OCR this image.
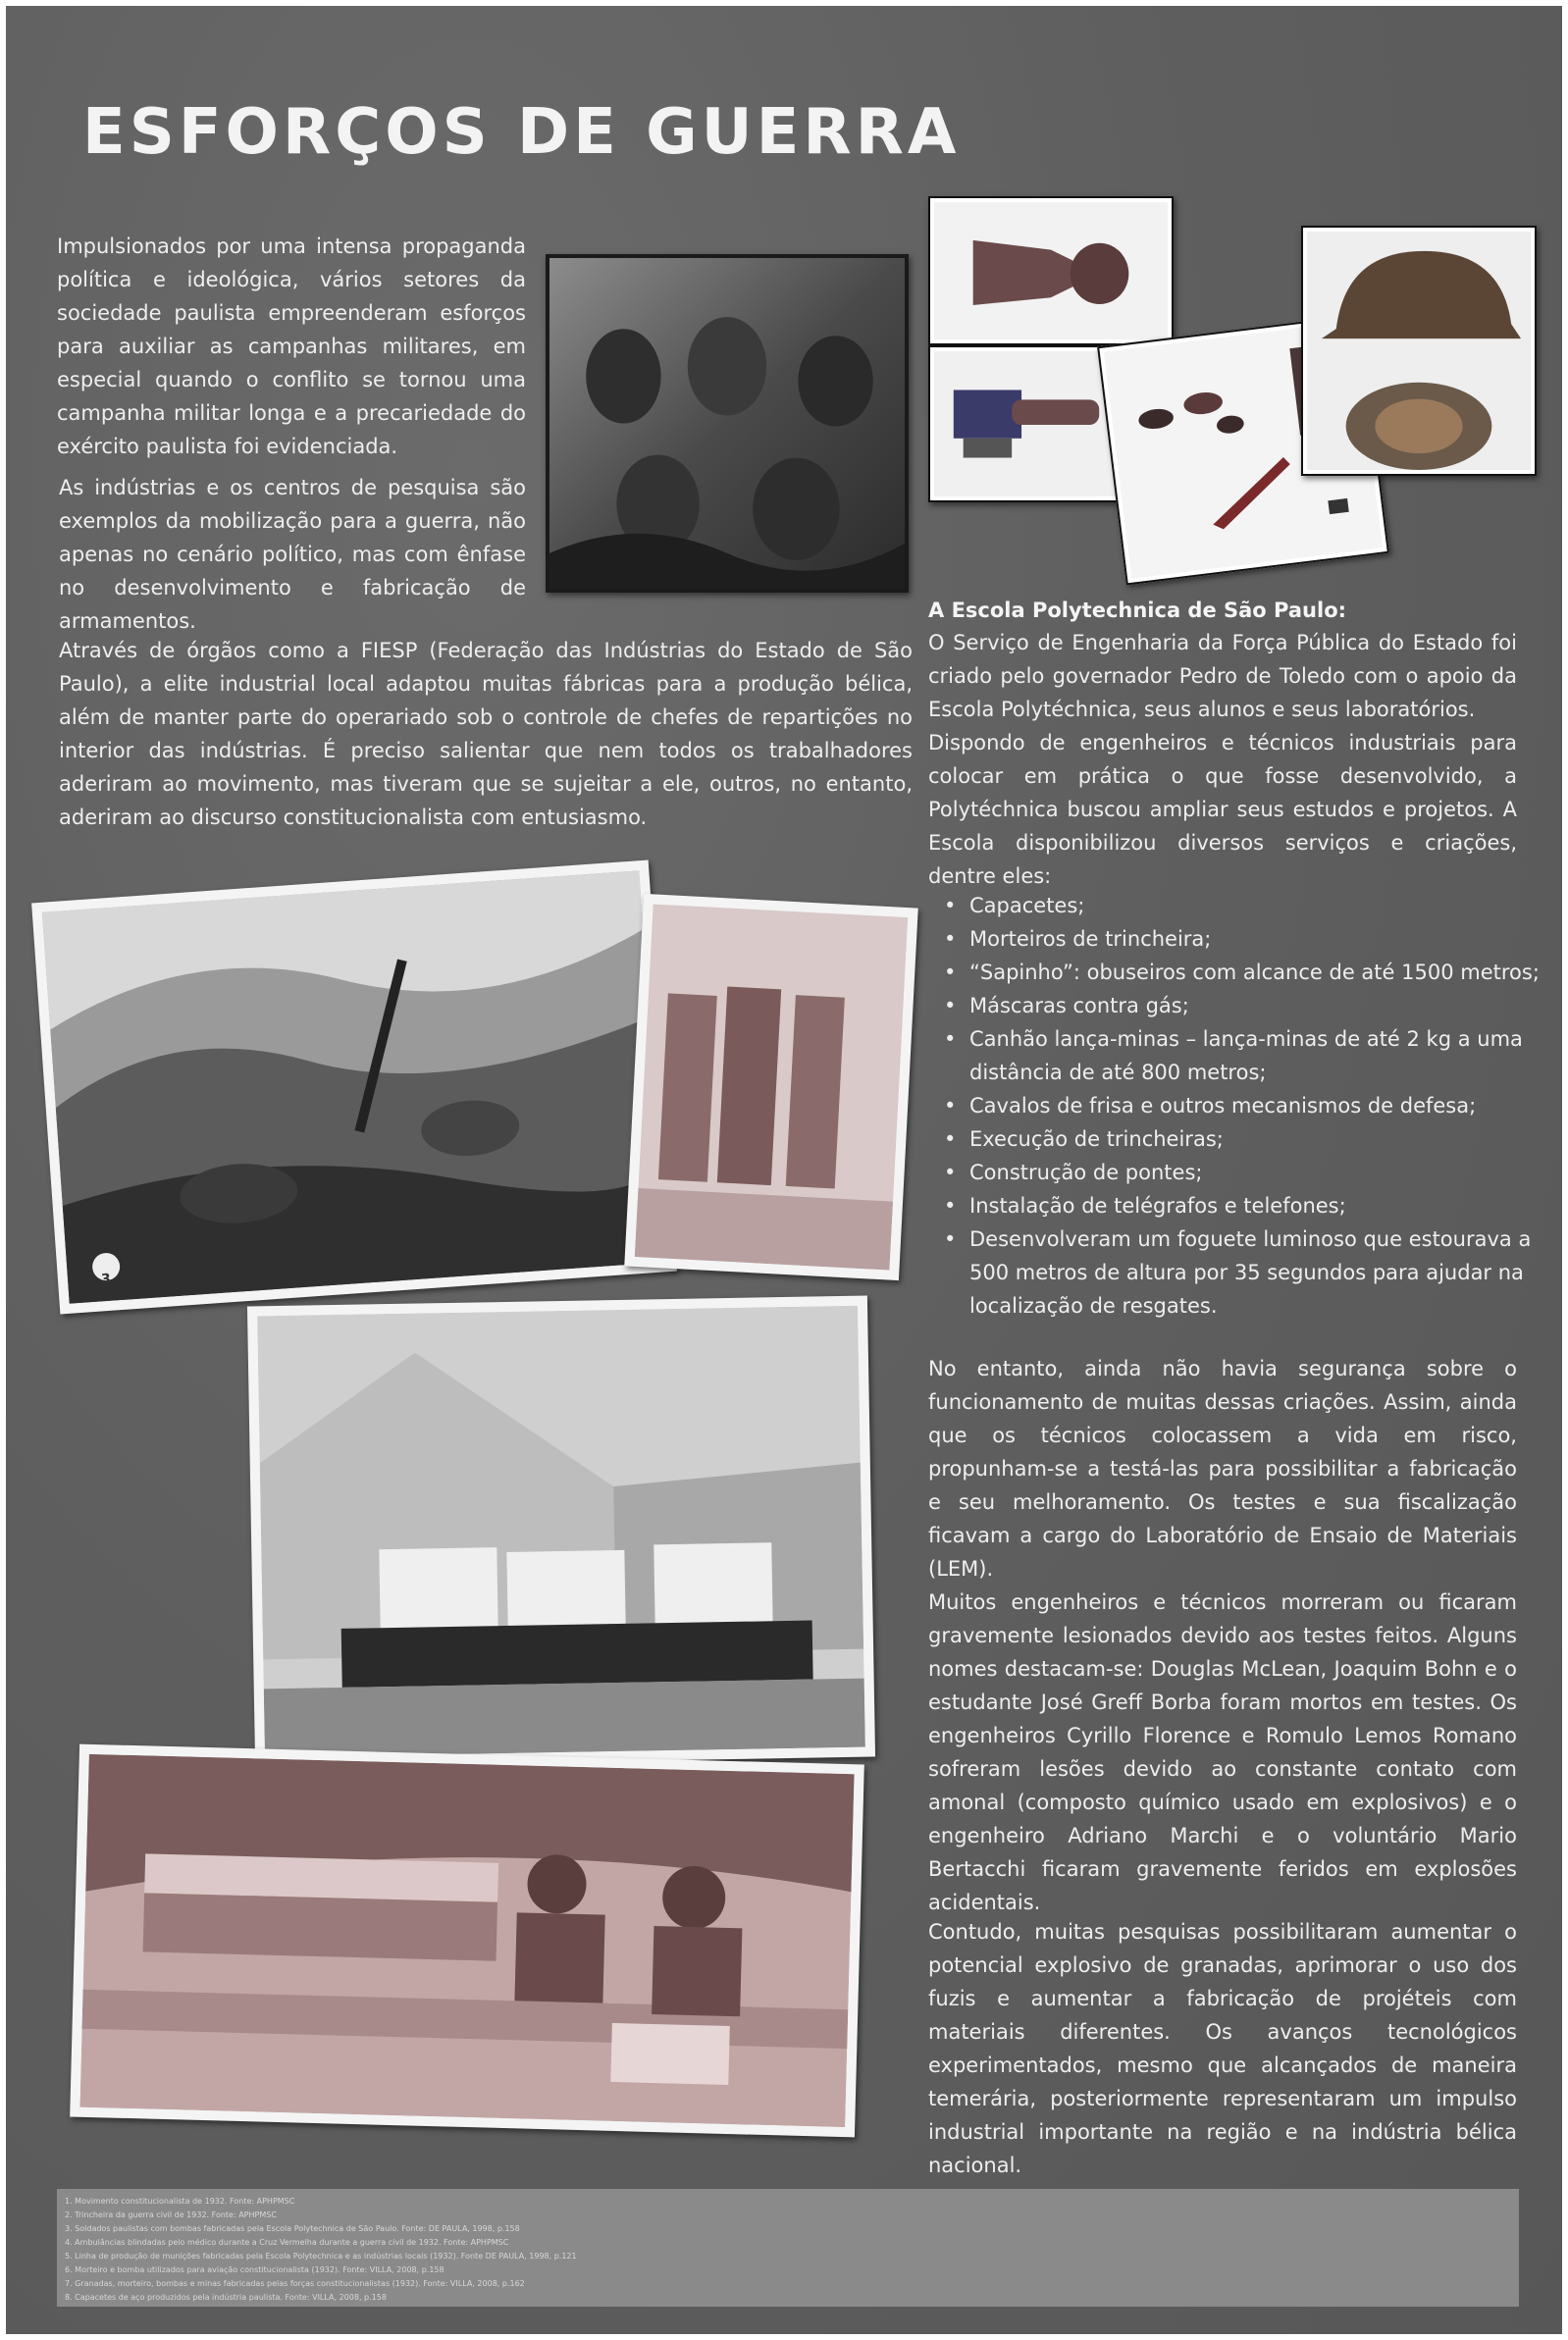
ESFORÇOS DE GUERRA

Impulsionados por uma intensa propaganda política e ideológica, vários setores da sociedade paulista empreenderam esforços para auxiliar as campanhas militares, em especial quando o conflito se tornou uma campanha militar longa e a precariedade do exército paulista foi evidenciada.

As indústrias e os centros de pesquisa são exemplos da mobilização para a guerra, não apenas no cenário político, mas com ênfase no desenvolvimento e fabricação de armamentos.

Através de órgãos como a FIESP (Federação das Indústrias do Estado de São Paulo), a elite industrial local adaptou muitas fábricas para a produção bélica, além de manter parte do operariado sob o controle de chefes de repartições no interior das indústrias. É preciso salientar que nem todos os trabalhadores aderiram ao movimento, mas tiveram que se sujeitar a ele, outros, no entanto, aderiram ao discurso constitucionalista com entusiasmo.

A Escola Polytechnica de São Paulo:

O Serviço de Engenharia da Força Pública do Estado foi criado pelo governador Pedro de Toledo com o apoio da Escola Polytéchnica, seus alunos e seus laboratórios.

Dispondo de engenheiros e técnicos industriais para colocar em prática o que fosse desenvolvido, a Polytéchnica buscou ampliar seus estudos e projetos. A Escola disponibilizou diversos serviços e criações, dentre eles:

• Capacetes;
• Morteiros de trincheira;
• “Sapinho”: obuseiros com alcance de até 1500 metros;
• Máscaras contra gás;
• Canhão lança-minas – lança-minas de até 2 kg a uma distância de até 800 metros;
• Cavalos de frisa e outros mecanismos de defesa;
• Execução de trincheiras;
• Construção de pontes;
• Instalação de telégrafos e telefones;
• Desenvolveram um foguete luminoso que estourava a 500 metros de altura por 35 segundos para ajudar na localização de resgates.

No entanto, ainda não havia segurança sobre o funcionamento de muitas dessas criações. Assim, ainda que os técnicos colocassem a vida em risco, propunham-se a testá-las para possibilitar a fabricação e seu melhoramento. Os testes e sua fiscalização ficavam a cargo do Laboratório de Ensaio de Materiais (LEM).

Muitos engenheiros e técnicos morreram ou ficaram gravemente lesionados devido aos testes feitos. Alguns nomes destacam-se: Douglas McLean, Joaquim Bohn e o estudante José Greff Borba foram mortos em testes. Os engenheiros Cyrillo Florence e Romulo Lemos Romano sofreram lesões devido ao constante contato com amonal (composto químico usado em explosivos) e o engenheiro Adriano Marchi e o voluntário Mario Bertacchi ficaram gravemente feridos em explosões acidentais.

Contudo, muitas pesquisas possibilitaram aumentar o potencial explosivo de granadas, aprimorar o uso dos fuzis e aumentar a fabricação de projéteis com materiais diferentes. Os avanços tecnológicos experimentados, mesmo que alcançados de maneira temerária, posteriormente representaram um impulso industrial importante na região e na indústria bélica nacional.

3
1. Movimento constitucionalista de 1932. Fonte: APHPMSC
2. Trincheira da guerra civil de 1932. Fonte: APHPMSC
3. Soldados paulistas com bombas fabricadas pela Escola Polytechnica de São Paulo. Fonte: DE PAULA, 1998, p.158
4. Ambulâncias blindadas pelo médico durante a Cruz Vermelha durante a guerra civil de 1932. Fonte: APHPMSC
5. Linha de produção de munições fabricadas pela Escola Polytechnica e as indústrias locais (1932). Fonte DE PAULA, 1998, p.121
6. Morteiro e bomba utilizados para aviação constitucionalista (1932). Fonte: VILLA, 2008, p.158
7. Granadas, morteiro, bombas e minas fabricadas pelas forças constitucionalistas (1932). Fonte: VILLA, 2008, p.162
8. Capacetes de aço produzidos pela indústria paulista. Fonte: VILLA, 2008, p.158
